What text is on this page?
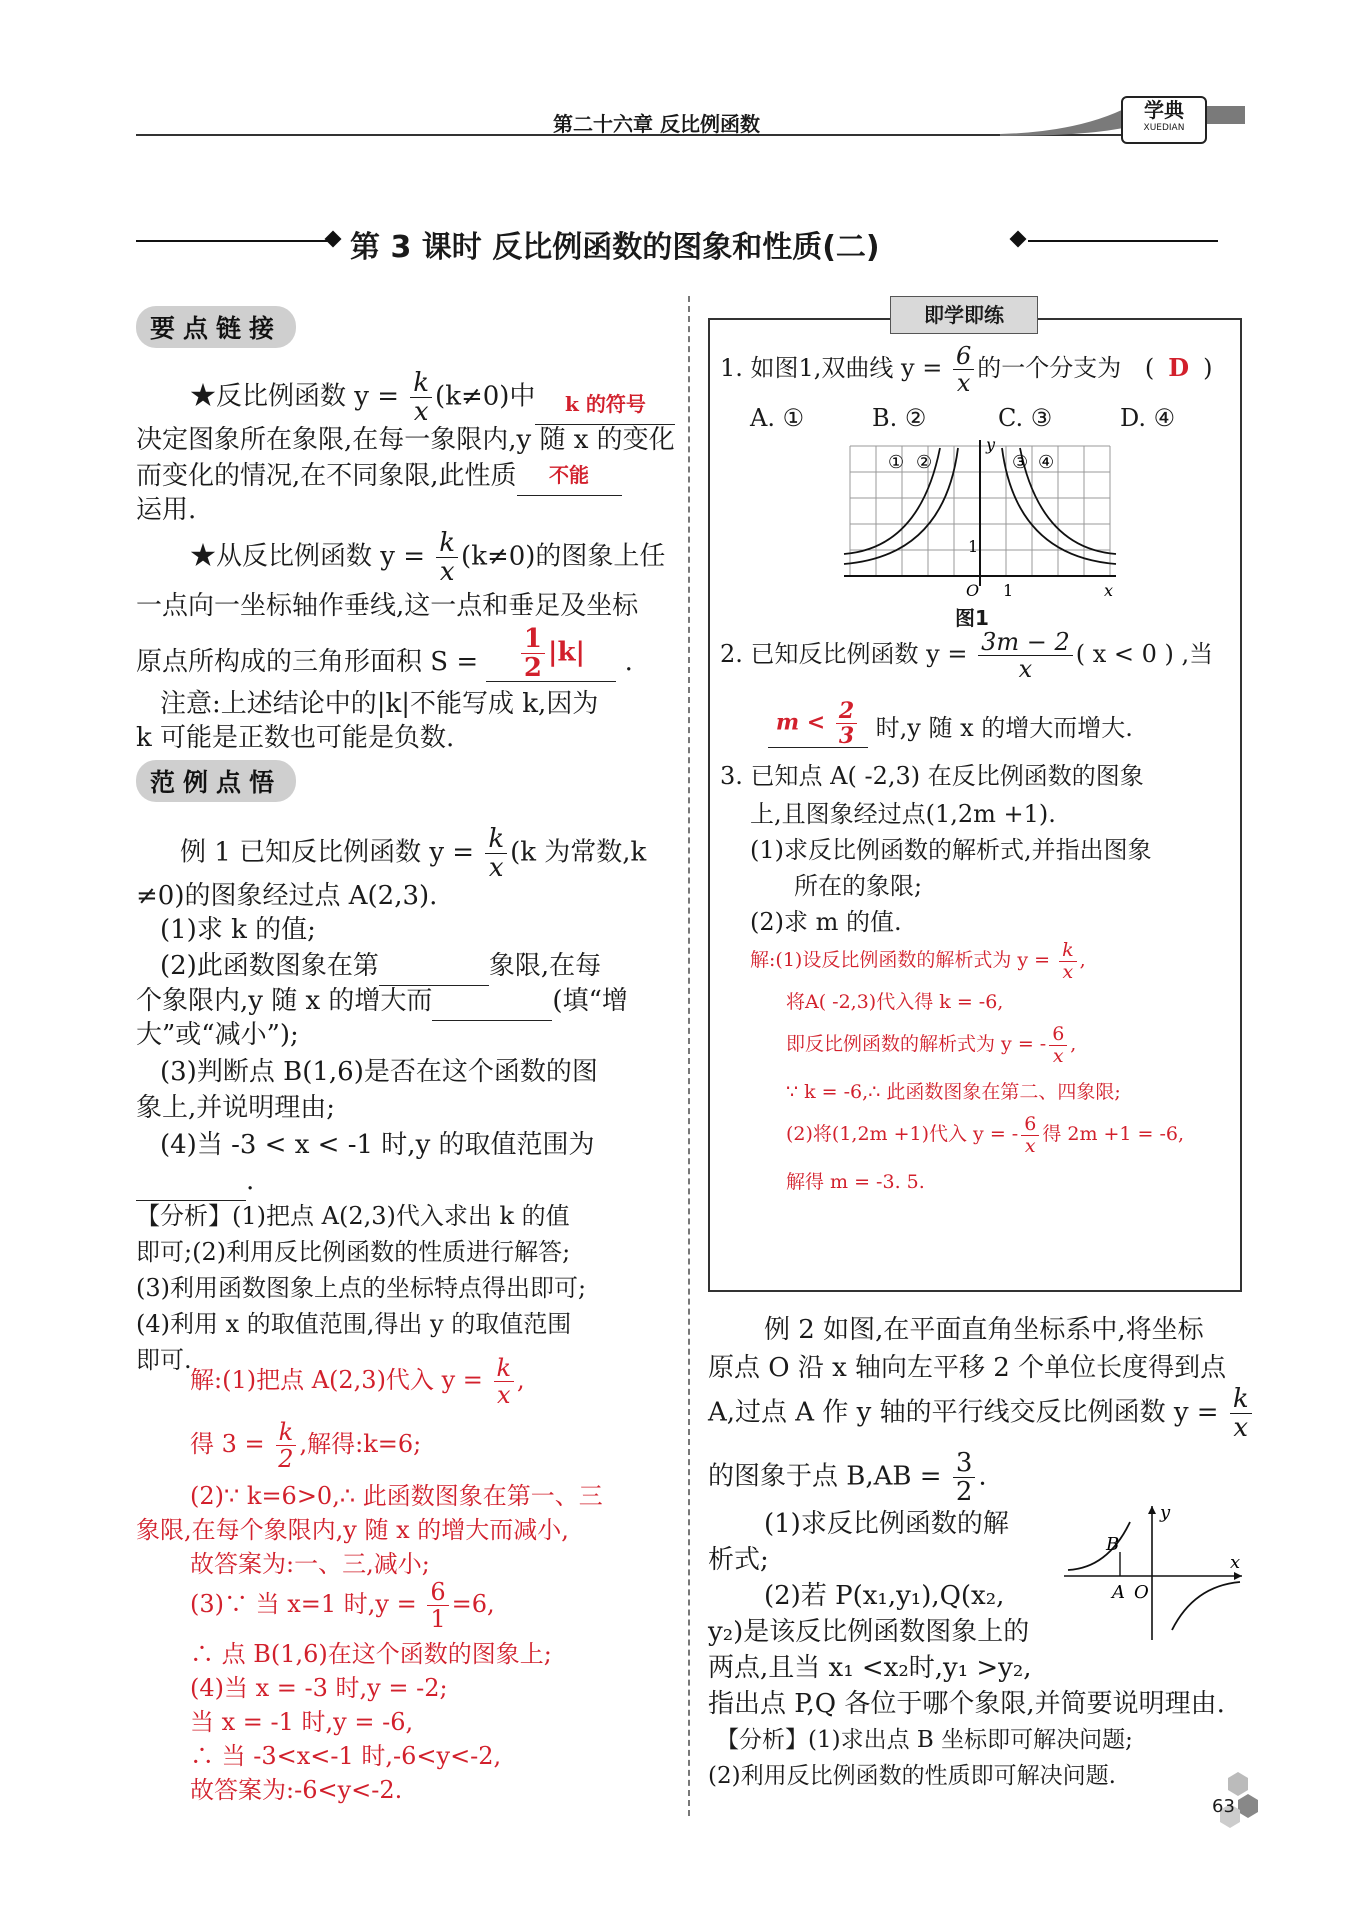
第二十六章 反比例函数
学典
XUEDIAN
第 3 课时 反比例函数的图象和性质(二)
要点链接
★反比例函数 $y = \frac{k}{x} (k\ne 0)$中 k 的符号
决定图象所在象限,在每一象限内,y 随 x 的变化
而变化的情况,在不同象限,此性质 不能
运用.
★从反比例函数 $y = \frac{k}{x} (k\ne 0)$的图象上任
一点向一坐标轴作垂线,这一点和垂足及坐标
原点所构成的三角形面积 $S = \frac{1}{2} |k|$ .
注意:上述结论中的|k|不能写成 k,因为
k 可能是正数也可能是负数.
范例点悟
例 1 已知反比例函数 $y = \frac{k}{x} (k$ 为常数,k
≠0)的图象经过点 A(2,3).
(1)求 k 的值;
(2)此函数图象在第	象限,在每
个象限内,y 随 x 的增大而	(填“增
大”或“减小”);
(3)判断点 B(1,6)是否在这个函数的图
象上,并说明理由;
(4)当 -3 < x < -1 时,y 的取值范围为
.
【分析】(1)把点 A(2,3)代入求出 k 的值
即可;(2)利用反比例函数的性质进行解答;
(3)利用函数图象上点的坐标特点得出即可;
(4)利用 x 的取值范围,得出 y 的取值范围
即可.
解:(1)把点 A(2,3)代入 $y = \frac{k}{x}$ ,
得 $3 = \frac{k}{2}$ ,解得:k=6;
(2)∵ k=6>0,∴ 此函数图象在第一、三
象限,在每个象限内,y 随 x 的增大而减小,
故答案为:一、三,减小;
(3)∵ 当 x=1 时$,y = \frac{6}{1} =6$,
∴ 点 B(1,6)在这个函数的图象上;
(4)当 x = -3 时,y = -2;
当 x = -1 时,y = -6,
∴ 当 -3<x<-1 时,-6<y<-2,
故答案为:-6<y<-2.
即学即练
1. 如图1,双曲线 $y = \frac{6}{x}$ 的一个分支为 ( D )
A. ①	B. ②	C. ③	D. ④
① ②	③ ④
O 1
1
x
y
图1
2. 已知反比例函数 $y = \frac{3m - 2}{x}$ ( x < 0 ) ,当
$m < \frac{2}{3}$ 时,y 随 x 的增大而增大.
3. 已知点 A( -2,3) 在反比例函数的图象
上,且图象经过点(1,2m +1).
(1)求反比例函数的解析式,并指出图象
所在的象限;
(2)求 m 的值.
解:(1)设反比例函数的解析式为 $y = \frac{k}{x}$ ,
将A( -2,3)代入得 k = -6,
即反比例函数的解析式为 y = - $\frac{6}{x}$ ,
∵ k = -6,∴ 此函数图象在第二、四象限;
(2)将(1,2m +1)代入 y = - $\frac{6}{x}$ 得 2m +1 = -6,
解得 m = -3. 5.
例 2 如图,在平面直角坐标系中,将坐标
原点 O 沿 x 轴向左平移 2 个单位长度得到点
A,过点 A 作 y 轴的平行线交反比例函数 $y = \frac{k}{x}$
的图象于点 $B,AB = \frac{3}{2}$ .
(1)求反比例函数的解
析式;
(2)若 P(x₁,y₁),Q(x₂,
y₂)是该反比例函数图象上的
两点,且当 x₁ <x₂时,y₁ >y₂,
指出点 P,Q 各位于哪个象限,并简要说明理由.
【分析】(1)求出点 B 坐标即可解决问题;
(2)利用反比例函数的性质即可解决问题.
B
A O
x
y
63
